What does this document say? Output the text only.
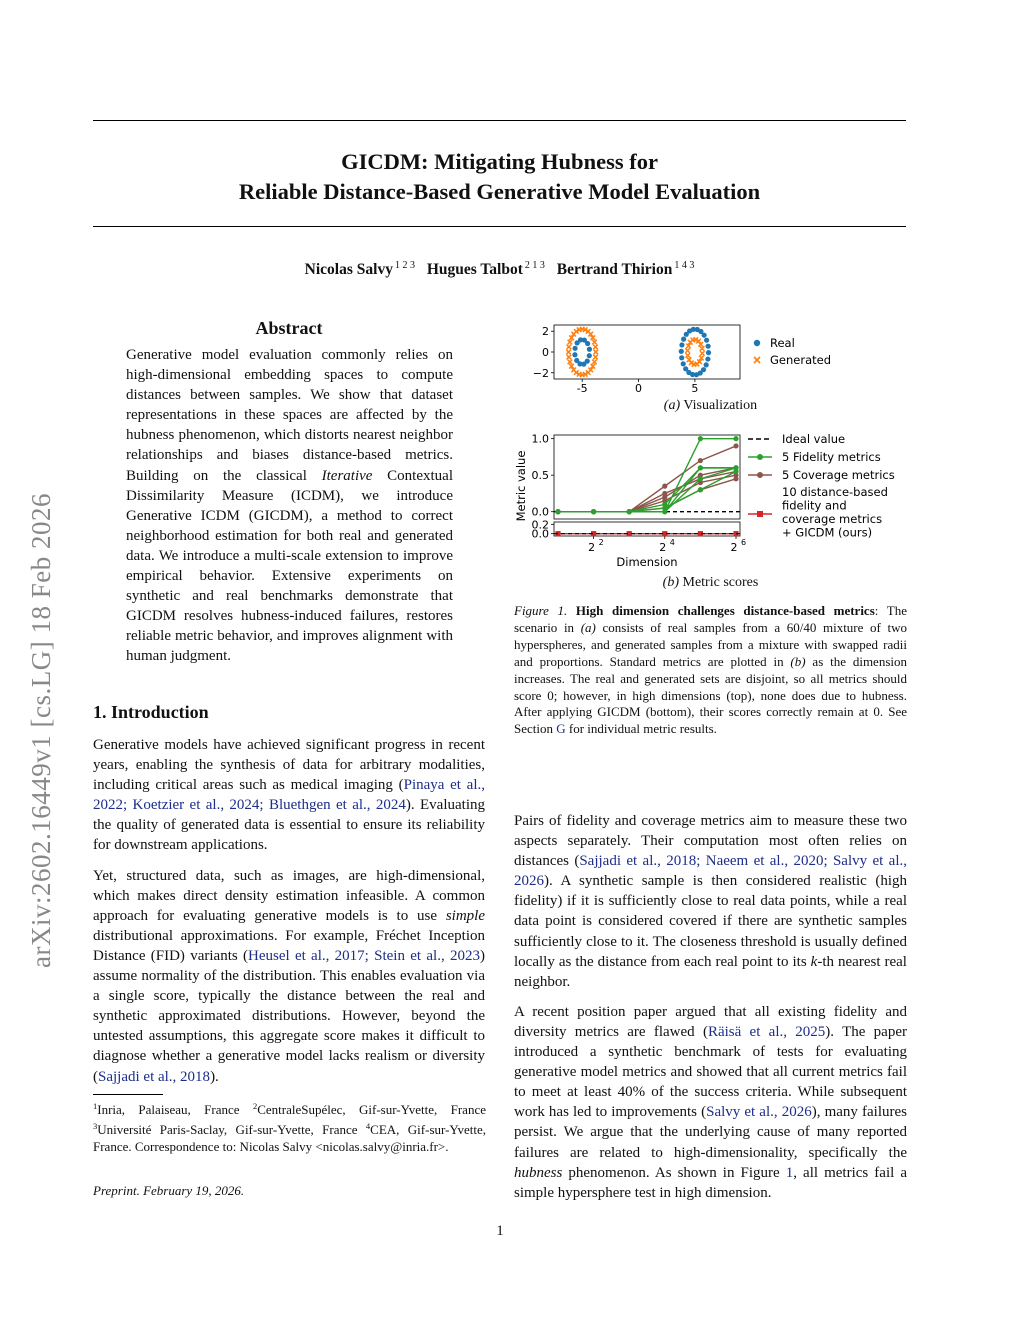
GICDM: Mitigating Hubness for
Reliable Distance-Based Generative Model Evaluation
Nicolas Salvy $^{1 2 3}$ Hugues Talbot $^{2 1 3}$ Bertrand Thirion $^{1 4 3}$
arXiv:2602.16449v1 [cs.LG] 18 Feb 2026
Abstract
Generative model evaluation commonly relies on high-dimensional embedding spaces to compute distances between samples. We show that dataset representations in these spaces are affected by the hubness phenomenon, which distorts nearest neighbor relationships and biases distance-based metrics. Building on the classical Iterative Contextual Dissimilarity Measure (ICDM), we introduce Generative ICDM (GICDM), a method to correct neighborhood estimation for both real and generated data. We introduce a multi-scale extension to improve empirical behavior. Extensive experiments on synthetic and real benchmarks demonstrate that GICDM resolves hubness-induced failures, restores reliable metric behavior, and improves alignment with human judgment.
1. Introduction

Generative models have achieved significant progress in recent years, enabling the synthesis of data for arbitrary modalities, including critical areas such as medical imaging (Pinaya et al., 2022; Koetzier et al., 2024; Bluethgen et al., 2024). Evaluating the quality of generated data is essential to ensure its reliability for downstream applications.

Yet, structured data, such as images, are high-dimensional, which makes direct density estimation infeasible. A common approach for evaluating generative models is to use simple distributional approximations. For example, Fréchet Inception Distance (FID) variants (Heusel et al., 2017; Stein et al., 2023) assume normality of the distribution. This enables evaluation via a single score, typically the distance between the real and synthetic approximated distributions. However, beyond the untested assumptions, this aggregate score makes it difficult to diagnose whether a generative model lacks realism or diversity (Sajjadi et al., 2018).

$^1$Inria, Palaiseau, France $^2$CentraleSupélec, Gif-sur-Yvette, France $^3$Université Paris-Saclay, Gif-sur-Yvette, France $^4$CEA, Gif-sur-Yvette, France. Correspondence to: Nicolas Salvy <nicolas.salvy@inria.fr>.
Preprint. February 19, 2026.
-5	0	5
2
0
−2
Real
Generated
(a) Visualization
1.0
0.5
0.0
0.2
0.0
2 2	2 4	2 6
Dimension
Metric value
Ideal value
5 Fidelity metrics
5 Coverage metrics
10 distance-based
fidelity and
coverage metrics
+ GICDM (ours)
(b) Metric scores
Figure 1. High dimension challenges distance-based metrics: The scenario in (a) consists of real samples from a 60/40 mixture of two hyperspheres, and generated samples from a mixture with swapped radii and proportions. Standard metrics are plotted in (b) as the dimension increases. The real and generated sets are disjoint, so all metrics should score 0; however, in high dimensions (top), none does due to hubness. After applying GICDM (bottom), their scores correctly remain at 0. See Section G for individual metric results.

Pairs of fidelity and coverage metrics aim to measure these two aspects separately. Their computation most often relies on distances (Sajjadi et al., 2018; Naeem et al., 2020; Salvy et al., 2026). A synthetic sample is then considered realistic (high fidelity) if it is sufficiently close to real data points, while a real data point is considered covered if there are synthetic samples sufficiently close to it. The closeness threshold is usually defined locally as the distance from each real point to its k-th nearest real neighbor.

A recent position paper argued that all existing fidelity and diversity metrics are flawed (Räisä et al., 2025). The paper introduced a synthetic benchmark of tests for evaluating generative model metrics and showed that all current metrics fail to meet at least 40% of the success criteria. While subsequent work has led to improvements (Salvy et al., 2026), many failures persist. We argue that the underlying cause of many reported failures are related to high-dimensionality, specifically the hubness phenomenon. As shown in Figure 1, all metrics fail a simple hypersphere test in high dimension.

1
